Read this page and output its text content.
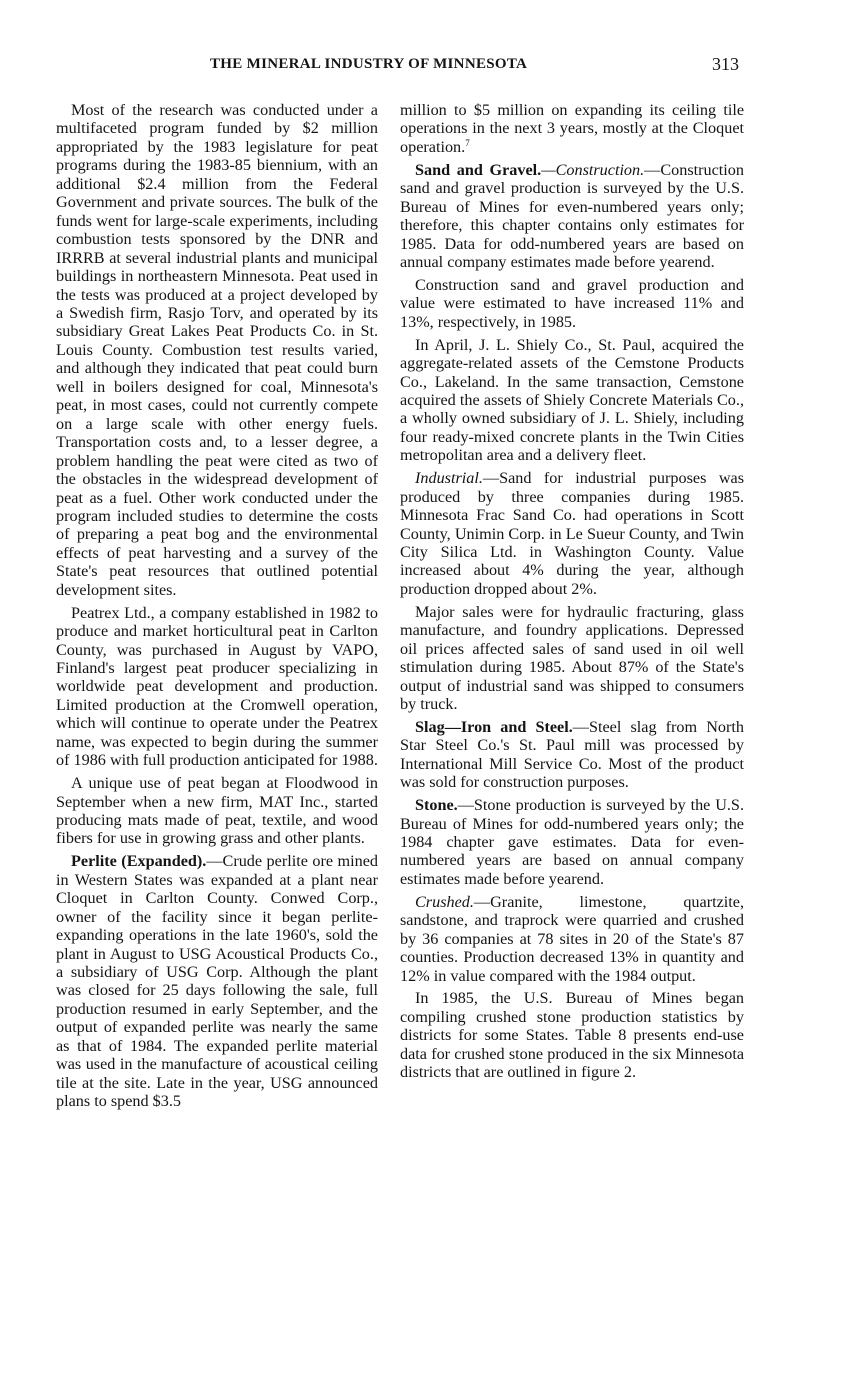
THE MINERAL INDUSTRY OF MINNESOTA	313

Most of the research was conducted under a multifaceted program funded by $2 million appropriated by the 1983 legislature for peat programs during the 1983-85 biennium, with an additional $2.4 million from the Federal Government and private sources. The bulk of the funds went for large-scale experiments, including combustion tests sponsored by the DNR and IRRRB at several industrial plants and municipal buildings in northeastern Minnesota. Peat used in the tests was produced at a project developed by a Swedish firm, Rasjo Torv, and operated by its subsidiary Great Lakes Peat Products Co. in St. Louis County. Combustion test results varied, and although they indicated that peat could burn well in boilers designed for coal, Minnesota's peat, in most cases, could not currently compete on a large scale with other energy fuels. Transportation costs and, to a lesser degree, a problem handling the peat were cited as two of the obstacles in the widespread development of peat as a fuel. Other work conducted under the program included studies to determine the costs of preparing a peat bog and the environmental effects of peat harvesting and a survey of the State's peat resources that outlined potential development sites.

Peatrex Ltd., a company established in 1982 to produce and market horticultural peat in Carlton County, was purchased in August by VAPO, Finland's largest peat producer specializing in worldwide peat development and production. Limited production at the Cromwell operation, which will continue to operate under the Peatrex name, was expected to begin during the summer of 1986 with full production anticipated for 1988.

A unique use of peat began at Floodwood in September when a new firm, MAT Inc., started producing mats made of peat, textile, and wood fibers for use in growing grass and other plants.

Perlite (Expanded).—Crude perlite ore mined in Western States was expanded at a plant near Cloquet in Carlton County. Conwed Corp., owner of the facility since it began perlite-expanding operations in the late 1960's, sold the plant in August to USG Acoustical Products Co., a subsidiary of USG Corp. Although the plant was closed for 25 days following the sale, full production resumed in early September, and the output of expanded perlite was nearly the same as that of 1984. The expanded perlite material was used in the manufacture of acoustical ceiling tile at the site. Late in the year, USG announced plans to spend $3.5

million to $5 million on expanding its ceiling tile operations in the next 3 years, mostly at the Cloquet operation.$^7$

Sand and Gravel.—Construction.—Construction sand and gravel production is surveyed by the U.S. Bureau of Mines for even-numbered years only; therefore, this chapter contains only estimates for 1985. Data for odd-numbered years are based on annual company estimates made before yearend.

Construction sand and gravel production and value were estimated to have increased 11% and 13%, respectively, in 1985.

In April, J. L. Shiely Co., St. Paul, acquired the aggregate-related assets of the Cemstone Products Co., Lakeland. In the same transaction, Cemstone acquired the assets of Shiely Concrete Materials Co., a wholly owned subsidiary of J. L. Shiely, including four ready-mixed concrete plants in the Twin Cities metropolitan area and a delivery fleet.

Industrial.—Sand for industrial purposes was produced by three companies during 1985. Minnesota Frac Sand Co. had operations in Scott County, Unimin Corp. in Le Sueur County, and Twin City Silica Ltd. in Washington County. Value increased about 4% during the year, although production dropped about 2%.

Major sales were for hydraulic fracturing, glass manufacture, and foundry applications. Depressed oil prices affected sales of sand used in oil well stimulation during 1985. About 87% of the State's output of industrial sand was shipped to consumers by truck.

Slag—Iron and Steel.—Steel slag from North Star Steel Co.'s St. Paul mill was processed by International Mill Service Co. Most of the product was sold for construction purposes.

Stone.—Stone production is surveyed by the U.S. Bureau of Mines for odd-numbered years only; the 1984 chapter gave estimates. Data for even-numbered years are based on annual company estimates made before yearend.

Crushed.—Granite, limestone, quartzite, sandstone, and traprock were quarried and crushed by 36 companies at 78 sites in 20 of the State's 87 counties. Production decreased 13% in quantity and 12% in value compared with the 1984 output.

In 1985, the U.S. Bureau of Mines began compiling crushed stone production statistics by districts for some States. Table 8 presents end-use data for crushed stone produced in the six Minnesota districts that are outlined in figure 2.
